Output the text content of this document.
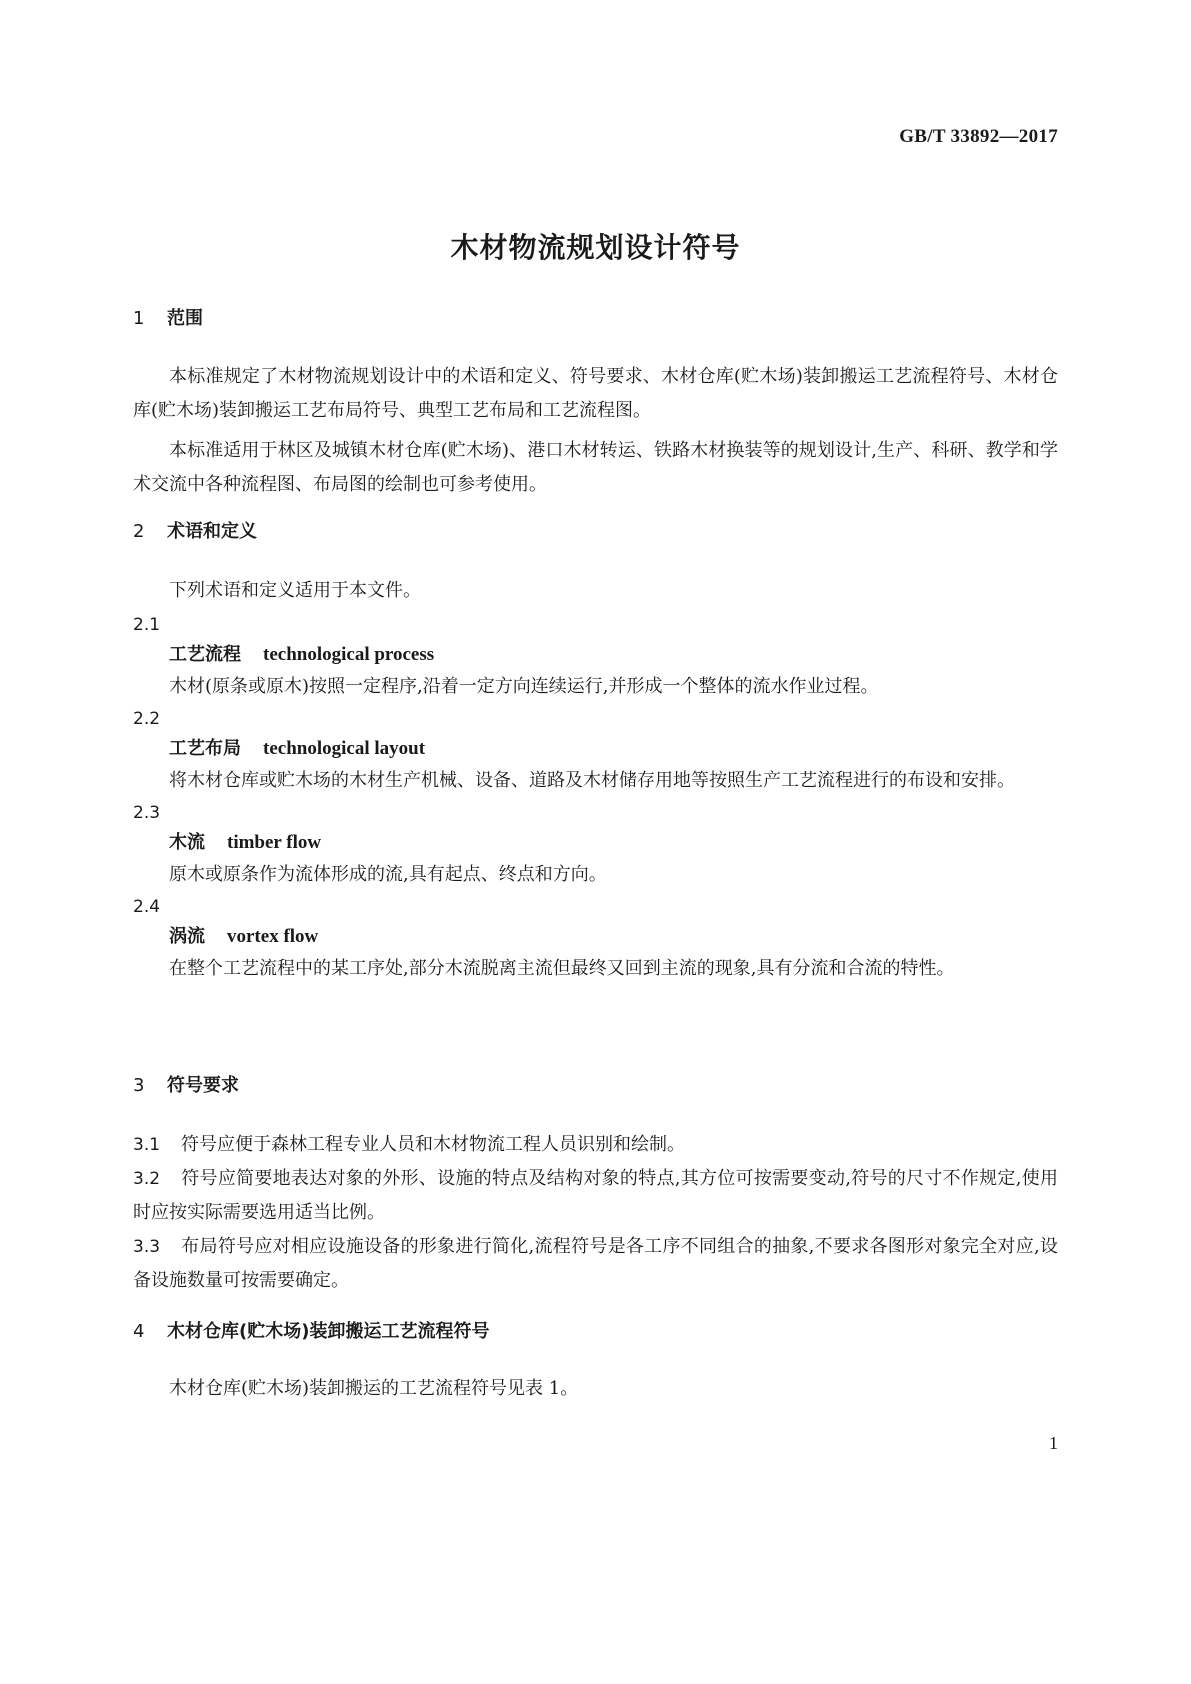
GB/T 33892—2017
木材物流规划设计符号
1 范围
本标准规定了木材物流规划设计中的术语和定义、符号要求、木材仓库(贮木场)装卸搬运工艺流程符号、木材仓库(贮木场)装卸搬运工艺布局符号、典型工艺布局和工艺流程图。
本标准适用于林区及城镇木材仓库(贮木场)、港口木材转运、铁路木材换装等的规划设计,生产、科研、教学和学术交流中各种流程图、布局图的绘制也可参考使用。
2 术语和定义
下列术语和定义适用于本文件。
2.1
工艺流程 technological process
木材(原条或原木)按照一定程序,沿着一定方向连续运行,并形成一个整体的流水作业过程。
2.2
工艺布局 technological layout
将木材仓库或贮木场的木材生产机械、设备、道路及木材储存用地等按照生产工艺流程进行的布设和安排。
2.3
木流 timber flow
原木或原条作为流体形成的流,具有起点、终点和方向。
2.4
涡流 vortex flow
在整个工艺流程中的某工序处,部分木流脱离主流但最终又回到主流的现象,具有分流和合流的特性。
3 符号要求
3.1 符号应便于森林工程专业人员和木材物流工程人员识别和绘制。
3.2 符号应简要地表达对象的外形、设施的特点及结构对象的特点,其方位可按需要变动,符号的尺寸不作规定,使用时应按实际需要选用适当比例。
3.3 布局符号应对相应设施设备的形象进行简化,流程符号是各工序不同组合的抽象,不要求各图形对象完全对应,设备设施数量可按需要确定。
4 木材仓库(贮木场)装卸搬运工艺流程符号
木材仓库(贮木场)装卸搬运的工艺流程符号见表 1。
1
